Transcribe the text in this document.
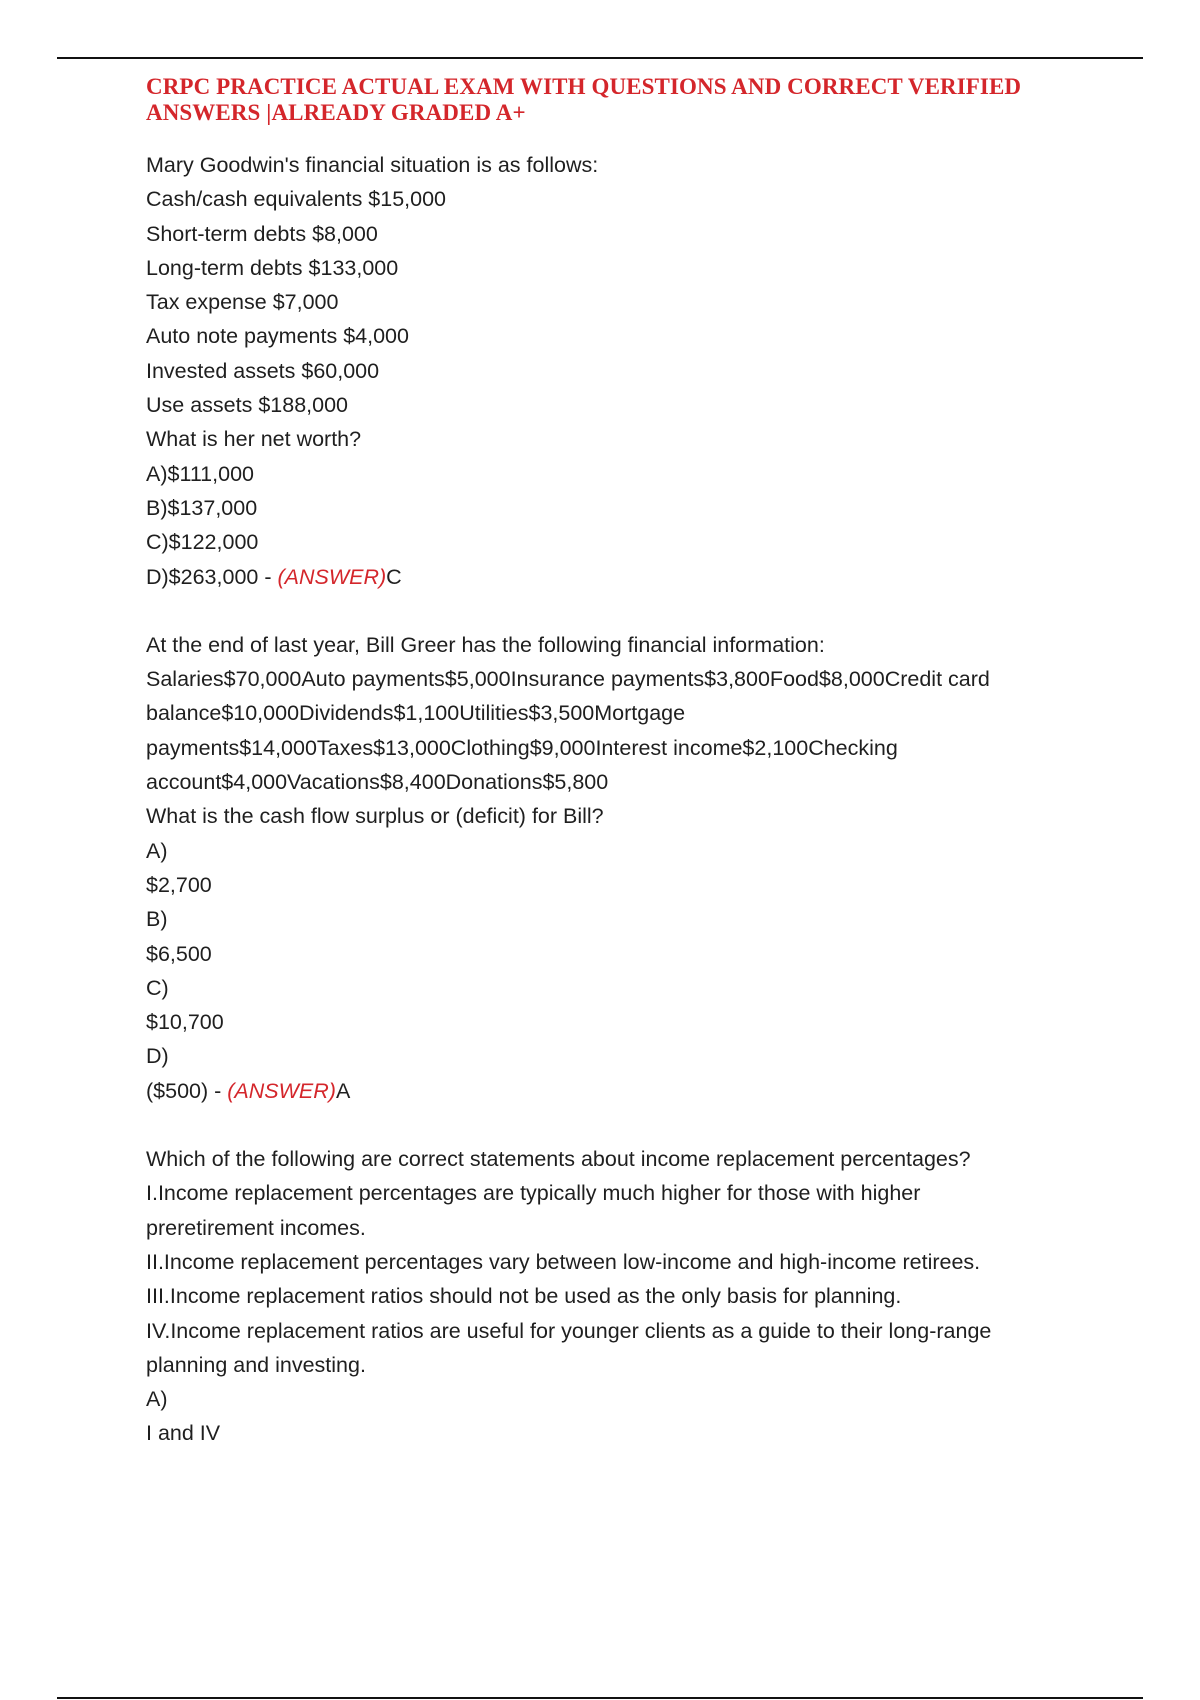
CRPC PRACTICE ACTUAL EXAM WITH QUESTIONS AND CORRECT VERIFIED
ANSWERS |ALREADY GRADED A+

Mary Goodwin's financial situation is as follows:

Cash/cash equivalents $15,000

Short-term debts $8,000

Long-term debts $133,000

Tax expense $7,000

Auto note payments $4,000

Invested assets $60,000

Use assets $188,000

What is her net worth?

A)$111,000

B)$137,000

C)$122,000

D)$263,000 - (ANSWER)C

At the end of last year, Bill Greer has the following financial information:

Salaries$70,000Auto payments$5,000Insurance payments$3,800Food$8,000Credit card

balance$10,000Dividends$1,100Utilities$3,500Mortgage

payments$14,000Taxes$13,000Clothing$9,000Interest income$2,100Checking

account$4,000Vacations$8,400Donations$5,800

What is the cash flow surplus or (deficit) for Bill?

A)

$2,700

B)

$6,500

C)

$10,700

D)

($500) - (ANSWER)A

Which of the following are correct statements about income replacement percentages?

I.Income replacement percentages are typically much higher for those with higher

preretirement incomes.

II.Income replacement percentages vary between low-income and high-income retirees.

III.Income replacement ratios should not be used as the only basis for planning.

IV.Income replacement ratios are useful for younger clients as a guide to their long-range

planning and investing.

A)

I and IV
